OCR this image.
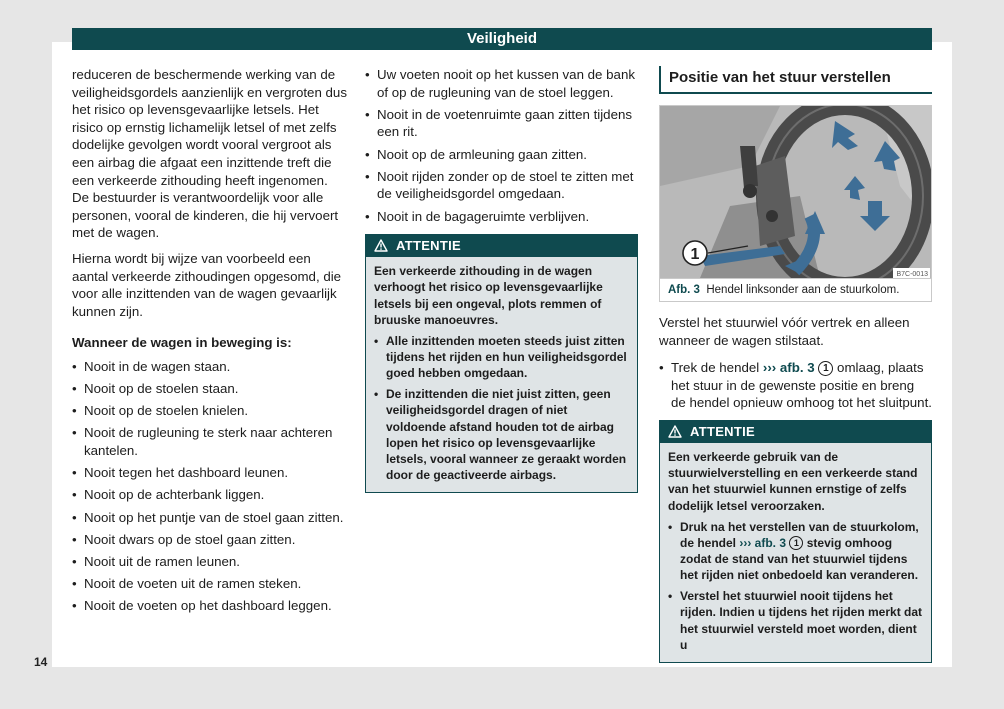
Veiligheid

reduceren de beschermende werking van de veiligheidsgordels aanzienlijk en vergroten dus het risico op levensgevaarlijke letsels. Het risico op ernstig lichamelijk letsel of met zelfs dodelijke gevolgen wordt vooral vergroot als een airbag die afgaat een inzittende treft die een verkeerde zithouding heeft ingenomen. De bestuurder is verantwoordelijk voor alle personen, vooral de kinderen, die hij vervoert met de wagen.

Hierna wordt bij wijze van voorbeeld een aantal verkeerde zithoudingen opgesomd, die voor alle inzittenden van de wagen gevaarlijk kunnen zijn.

Wanneer de wagen in beweging is:

• Nooit in de wagen staan.
• Nooit op de stoelen staan.
• Nooit op de stoelen knielen.
• Nooit de rugleuning te sterk naar achteren kantelen.
• Nooit tegen het dashboard leunen.
• Nooit op de achterbank liggen.
• Nooit op het puntje van de stoel gaan zitten.
• Nooit dwars op de stoel gaan zitten.
• Nooit uit de ramen leunen.
• Nooit de voeten uit de ramen steken.
• Nooit de voeten op het dashboard leggen.
• Uw voeten nooit op het kussen van de bank of op de rugleuning van de stoel leggen.
• Nooit in de voetenruimte gaan zitten tijdens een rit.
• Nooit op de armleuning gaan zitten.
• Nooit rijden zonder op de stoel te zitten met de veiligheidsgordel omgedaan.
• Nooit in de bagageruimte verblijven.
ATTENTIE

Een verkeerde zithouding in de wagen verhoogt het risico op levensgevaarlijke letsels bij een ongeval, plots remmen of bruuske manoeuvres.

• Alle inzittenden moeten steeds juist zitten tijdens het rijden en hun veiligheidsgordel goed hebben omgedaan.
• De inzittenden die niet juist zitten, geen veiligheidsgordel dragen of niet voldoende afstand houden tot de airbag lopen het risico op levensgevaarlijke letsels, vooral wanneer ze geraakt worden door de geactiveerde airbags.
Positie van het stuur verstellen
1
B7C-0013
Afb. 3 Hendel linksonder aan de stuurkolom.

Verstel het stuurwiel vóór vertrek en alleen wanneer de wagen stilstaat.

• Trek de hendel ››› afb. 3 1 omlaag, plaats het stuur in de gewenste positie en breng de hendel opnieuw omhoog tot het sluitpunt.
ATTENTIE

Een verkeerde gebruik van de stuurwielverstelling en een verkeerde stand van het stuurwiel kunnen ernstige of zelfs dodelijk letsel veroorzaken.

• Druk na het verstellen van de stuurkolom, de hendel ››› afb. 3 1 stevig omhoog zodat de stand van het stuurwiel tijdens het rijden niet onbedoeld kan veranderen.
• Verstel het stuurwiel nooit tijdens het rijden. Indien u tijdens het rijden merkt dat het stuurwiel versteld moet worden, dient u
14
